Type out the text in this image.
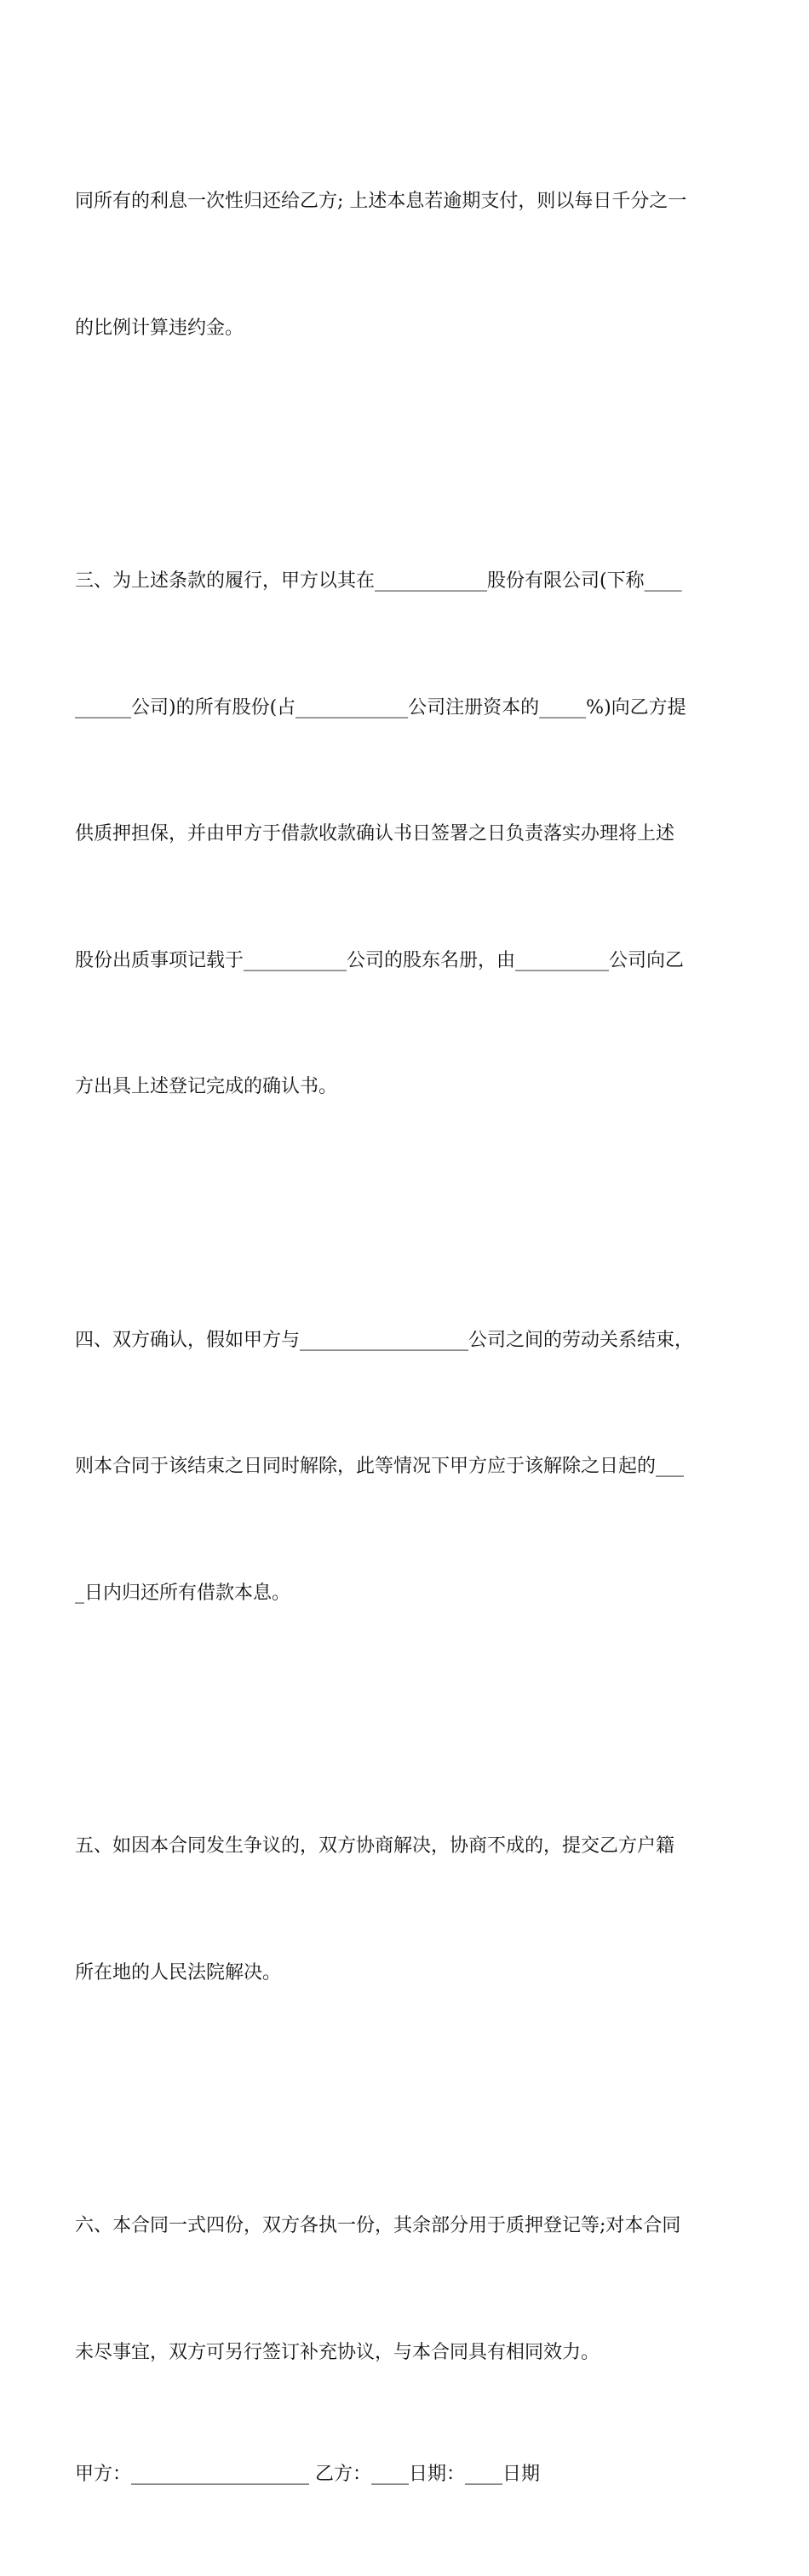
同所有的利息一次性归还给乙方; 上述本息若逾期支付，则以每日千分之一

的比例计算违约金。

三、为上述条款的履行，甲方以其在____________股份有限公司(下称____

______公司)的所有股份(占____________公司注册资本的_____%)向乙方提

供质押担保，并由甲方于借款收款确认书日签署之日负责落实办理将上述

股份出质事项记载于___________公司的股东名册，由__________公司向乙

方出具上述登记完成的确认书。

四、双方确认，假如甲方与__________________公司之间的劳动关系结束，

则本合同于该结束之日同时解除，此等情况下甲方应于该解除之日起的___

_日内归还所有借款本息。

五、如因本合同发生争议的，双方协商解决，协商不成的，提交乙方户籍

所在地的人民法院解决。

六、本合同一式四份，双方各执一份，其余部分用于质押登记等;对本合同

未尽事宜，双方可另行签订补充协议，与本合同具有相同效力。

甲方：___________________ 乙方：____日期：____日期
